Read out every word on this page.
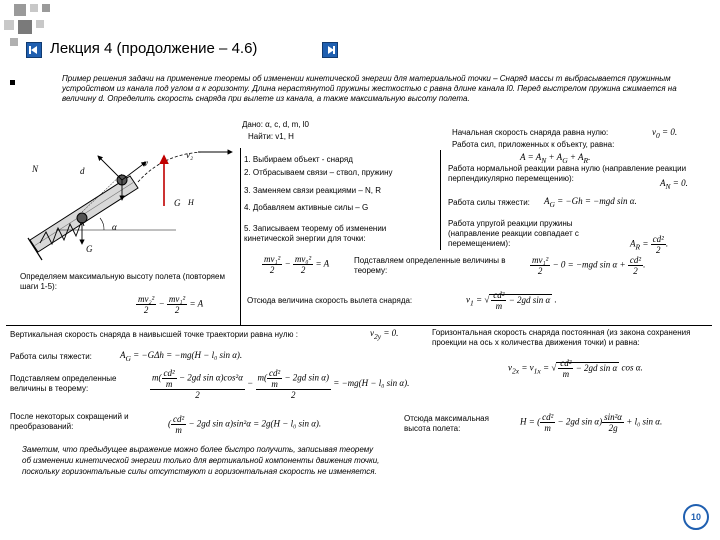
Лекция 4 (продолжение – 4.6)
Пример решения задачи на применение теоремы об изменении кинетической энергии для материальной точки – Снаряд массы m выбрасывается пружинным устройством из канала под углом α к горизонту. Длина нерастянутой пружины жесткостью c равна длине канала l0. Перед выстрелом пружина сжимается на величину d. Определить скорость снаряда при вылете из канала, а также максимальную высоту полета.
Дано: α, c, d, m, l0
Найти: v1, H
N
v
d
v₂
G H
α
G
1. Выбираем объект - снаряд
2. Отбрасываем связи – ствол, пружину
3. Заменяем связи реакциями – N, R
4. Добавляем активные силы – G
5. Записываем теорему об изменении кинетической энергии для точки:
Начальная скорость снаряда равна нулю:	$v_0 = 0$.
Работа сил, приложенных к объекту, равна:
$A = A_N + A_G + A_R$.
Работа нормальной реакции равна нулю (направление реакции перпендикулярно перемещению):	$A_N = 0$.
Работа силы тяжести: $A_G = -Gh = -mgd$ sin α.
Работа упругой реакции пружины (направление реакции совпадает с перемещением):	$A_R = \frac{\text{cd²}}{2}$ .
$\frac{\text{mv₁²}}{2} - \frac{\text{mv₀²}}{2} = A$	Подставляем определенные величины в теорему:	$\frac{\text{mv₁²}}{2} - 0 = -mgd$ $\sin \alpha + \frac{\text{cd²}}{2}$ .
Определяем максимальную высоту полета (повторяем шаги 1-5):
$\frac{\text{mv₂²}}{2} - \frac{\text{mv₁²}}{2} = A$	Отсюда величина скорость вылета снаряда:	$v_1$ = √ $\frac{\text{cd²}}{m} - 2gd$ sin α .
Вертикальная скорость снаряда в наивысшей точке траектории равна нулю :	$v_{2y} = 0$.	Горизонтальная скорость снаряда постоянная (из закона сохранения проекции на ось x количества движения точки) и равна:
Работа силы тяжести:	$A_G = -G\Delta h = -mg(H - l_0$ sin α).
$v_{2x} = v_{1x}$ = √ $\frac{\text{cd²}}{m} - 2gd$ sin α cos α.
Подставляем определенные величины в теорему:	$\frac{m( \frac{\text{cd²}}{m} - 2gd \sin \alpha)\cos^2\alpha}{2} - \frac{m( \frac{\text{cd²}}{m} - 2gd \sin \alpha)}{2} = -mg(H - l_0$ sin α).
После некоторых сокращений и преобразований:	( $\frac{\text{cd²}}{m} - 2gd$ sin α)sin²α = 2g(H − l₀ sin α).
Отсюда максимальная высота полета:
H = ( $\frac{\text{cd²}}{m} - 2gd$ $\sin \alpha) \frac{\text{sin²α}}{2g} + l_0$ sin α.
Заметим, что предыдущее выражение можно более быстро получить, записывая теорему об изменении кинетической энергии только для вертикальной компоненты движения точки, поскольку горизонтальные силы отсутствуют и горизонтальная скорость не изменяется.
10
